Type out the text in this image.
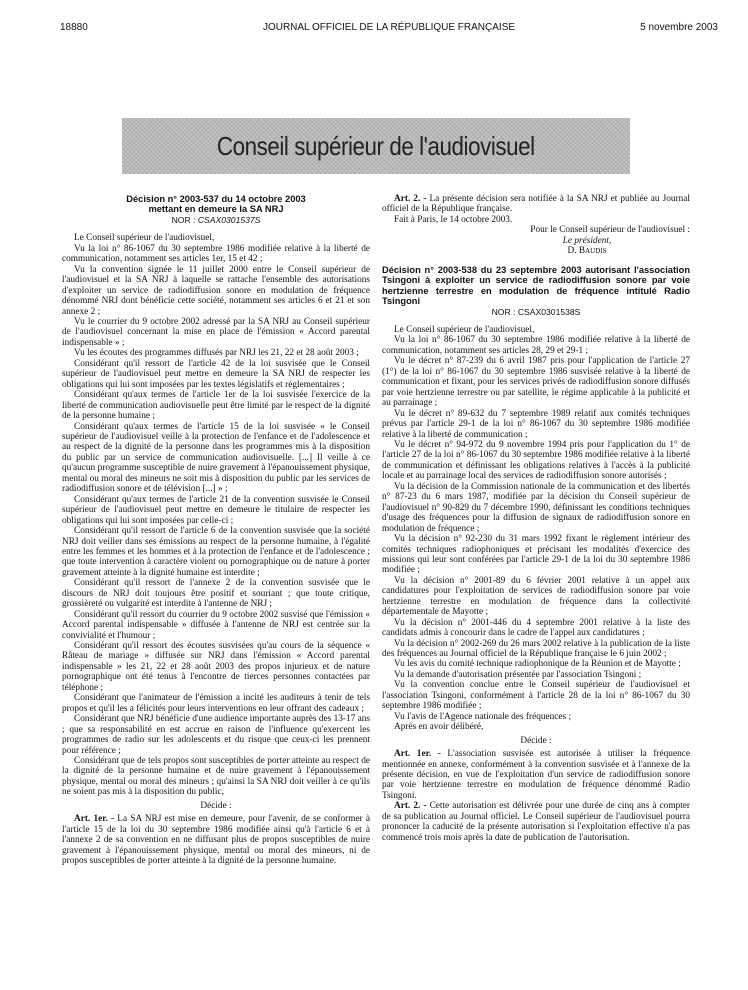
18880	JOURNAL OFFICIEL DE LA RÉPUBLIQUE FRANÇAISE	5 novembre 2003
Conseil supérieur de l'audiovisuel
Décision n° 2003-537 du 14 octobre 2003
mettant en demeure la SA NRJ
NOR : CSAX0301537S

Le Conseil supérieur de l'audiovisuel,

Vu la loi n° 86-1067 du 30 septembre 1986 modifiée relative à la liberté de communication, notamment ses articles 1er, 15 et 42 ;

Vu la convention signée le 11 juillet 2000 entre le Conseil supérieur de l'audiovisuel et la SA NRJ à laquelle se rattache l'ensemble des autorisations d'exploiter un service de radiodiffusion sonore en modulation de fréquence dénommé NRJ dont bénéficie cette société, notamment ses articles 6 et 21 et son annexe 2 ;

Vu le courrier du 9 octobre 2002 adressé par la SA NRJ au Conseil supérieur de l'audiovisuel concernant la mise en place de l'émission « Accord parental indispensable » ;

Vu les écoutes des programmes diffusés par NRJ les 21, 22 et 28 août 2003 ;

Considérant qu'il ressort de l'article 42 de la loi susvisée que le Conseil supérieur de l'audiovisuel peut mettre en demeure la SA NRJ de respecter les obligations qui lui sont imposées par les textes législatifs et réglementaires ;

Considérant qu'aux termes de l'article 1er de la loi susvisée l'exercice de la liberté de communication audiovisuelle peut être limité par le respect de la dignité de la personne humaine ;

Considérant qu'aux termes de l'article 15 de la loi susvisée « le Conseil supérieur de l'audiovisuel veille à la protection de l'enfance et de l'adolescence et au respect de la dignité de la personne dans les programmes mis à la disposition du public par un service de communication audiovisuelle. [...] Il veille à ce qu'aucun programme susceptible de nuire gravement à l'épanouissement physique, mental ou moral des mineurs ne soit mis à disposition du public par les services de radiodiffusion sonore et de télévision [...] » ;

Considérant qu'aux termes de l'article 21 de la convention susvisée le Conseil supérieur de l'audiovisuel peut mettre en demeure le titulaire de respecter les obligations qui lui sont imposées par celle-ci ;

Considérant qu'il ressort de l'article 6 de la convention susvisée que la société NRJ doit veiller dans ses émissions au respect de la personne humaine, à l'égalité entre les femmes et les hommes et à la protection de l'enfance et de l'adolescence ; que toute intervention à caractère violent ou pornographique ou de nature à porter gravement atteinte à la dignité humaine est interdite ;

Considérant qu'il ressort de l'annexe 2 de la convention susvisée que le discours de NRJ doit toujours être positif et souriant ; que toute critique, grossièreté ou vulgarité est interdite à l'antenne de NRJ ;

Considérant qu'il ressort du courrier du 9 octobre 2002 susvisé que l'émission « Accord parental indispensable » diffusée à l'antenne de NRJ est centrée sur la convivialité et l'humour ;

Considérant qu'il ressort des écoutes susvisées qu'au cours de la séquence « Râteau de mariage » diffusée sur NRJ dans l'émission « Accord parental indispensable » les 21, 22 et 28 août 2003 des propos injurieux et de nature pornographique ont été tenus à l'encontre de tierces personnes contactées par téléphone ;

Considérant que l'animateur de l'émission a incité les auditeurs à tenir de tels propos et qu'il les a félicités pour leurs interventions en leur offrant des cadeaux ;

Considérant que NRJ bénéficie d'une audience importante auprès des 13-17 ans ; que sa responsabilité en est accrue en raison de l'influence qu'exercent les programmes de radio sur les adolescents et du risque que ceux-ci les prennent pour référence ;

Considérant que de tels propos sont susceptibles de porter atteinte au respect de la dignité de la personne humaine et de nuire gravement à l'épanouissement physique, mental ou moral des mineurs ; qu'ainsi la SA NRJ doit veiller à ce qu'ils ne soient pas mis à la disposition du public,

Décide :

Art. 1er. - La SA NRJ est mise en demeure, pour l'avenir, de se conformer à l'article 15 de la loi du 30 septembre 1986 modifiée ainsi qu'à l'article 6 et à l'annexe 2 de sa convention en ne diffusant plus de propos susceptibles de nuire gravement à l'épanouissement physique, mental ou moral des mineurs, ni de propos susceptibles de porter atteinte à la dignité de la personne humaine.

Art. 2. - La présente décision sera notifiée à la SA NRJ et publiée au Journal officiel de la République française.

Fait à Paris, le 14 octobre 2003.

Pour le Conseil supérieur de l'audiovisuel :

Le président,

D. Baudis

Décision n° 2003-538 du 23 septembre 2003 autorisant l'association Tsingoni à exploiter un service de radiodiffusion sonore par voie hertzienne terrestre en modulation de fréquence intitulé Radio Tsingoni
NOR : CSAX0301538S

Le Conseil supérieur de l'audiovisuel,

Vu la loi n° 86-1067 du 30 septembre 1986 modifiée relative à la liberté de communication, notamment ses articles 28, 29 et 29-1 ;

Vu le décret n° 87-239 du 6 avril 1987 pris pour l'application de l'article 27 (1°) de la loi n° 86-1067 du 30 septembre 1986 susvisée relative à la liberté de communication et fixant, pour les services privés de radiodiffusion sonore diffusés par voie hertzienne terrestre ou par satellite, le régime applicable à la publicité et au parrainage ;

Vu le décret n° 89-632 du 7 septembre 1989 relatif aux comités techniques prévus par l'article 29-1 de la loi n° 86-1067 du 30 septembre 1986 modifiée relative à la liberté de communication ;

Vu le décret n° 94-972 du 9 novembre 1994 pris pour l'application du 1° de l'article 27 de la loi n° 86-1067 du 30 septembre 1986 modifiée relative à la liberté de communication et définissant les obligations relatives à l'accès à la publicité locale et au parrainage local des services de radiodiffusion sonore autorisés ;

Vu la décision de la Commission nationale de la communication et des libertés n° 87-23 du 6 mars 1987, modifiée par la décision du Conseil supérieur de l'audiovisuel n° 90-829 du 7 décembre 1990, définissant les conditions techniques d'usage des fréquences pour la diffusion de signaux de radiodiffusion sonore en modulation de fréquence ;

Vu la décision n° 92-230 du 31 mars 1992 fixant le règlement intérieur des comités techniques radiophoniques et précisant les modalités d'exercice des missions qui leur sont conférées par l'article 29-1 de la loi du 30 septembre 1986 modifiée ;

Vu la décision n° 2001-89 du 6 février 2001 relative à un appel aux candidatures pour l'exploitation de services de radiodiffusion sonore par voie hertzienne terrestre en modulation de fréquence dans la collectivité départementale de Mayotte ;

Vu la décision n° 2001-446 du 4 septembre 2001 relative à la liste des candidats admis à concourir dans le cadre de l'appel aux candidatures ;

Vu la décision n° 2002-269 du 26 mars 2002 relative à la publication de la liste des fréquences au Journal officiel de la République française le 6 juin 2002 ;

Vu les avis du comité technique radiophonique de la Réunion et de Mayotte ;

Vu la demande d'autorisation présentée par l'association Tsingoni ;

Vu la convention conclue entre le Conseil supérieur de l'audiovisuel et l'association Tsingoni, conformément à l'article 28 de la loi n° 86-1067 du 30 septembre 1986 modifiée ;

Vu l'avis de l'Agence nationale des fréquences ;

Après en avoir délibéré,

Décide :

Art. 1er. - L'association susvisée est autorisée à utiliser la fréquence mentionnée en annexe, conformément à la convention susvisée et à l'annexe de la présente décision, en vue de l'exploitation d'un service de radiodiffusion sonore par voie hertzienne terrestre en modulation de fréquence dénommé Radio Tsingoni.

Art. 2. - Cette autorisation est délivrée pour une durée de cinq ans à compter de sa publication au Journal officiel. Le Conseil supérieur de l'audiovisuel pourra prononcer la caducité de la présente autorisation si l'exploitation effective n'a pas commencé trois mois après la date de publication de l'autorisation.
